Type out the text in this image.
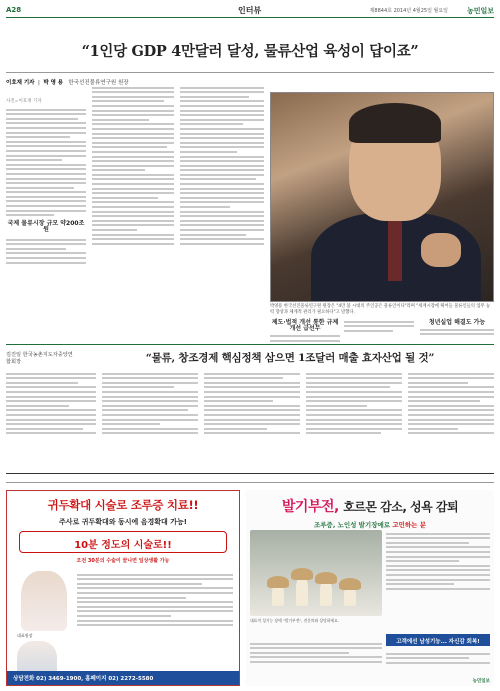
A28	인터뷰	제8844호 2014년 4월25일 월요일	농민일보
“1인당 GDP 4만달러 달성, 물류산업 육성이 답이죠”
이호재 기자  |  박 영 용 한국선진물류연구원 원장
사진=이호재 기자
국제 물류시장 규모 약200조원
박영용 한국선진물류연구원 원장은 "4만 불 시대의 주인공은 물류인이다"라며 "세계시장에 뛰어들 물류인들의 업무 능력 향상과 체계적 관리가 필요하다"고 말했다.
제도·법적 개선 통한 규제 개선 급선무
청년실업 해결도 가능
김진일 한국농촌지도자중앙연합회장	“물류, 창조경제 핵심정책 삼으면 1조달러 매출 효자산업 될 것”
귀두확대 시술로 조루증 치료!!
주사로 귀두확대와 동시에 음경확대 가능!
10분 정도의 시술로!!
오전 30분의 수술이 끝나면 일상생활 가능
대표원장
상담전화 02) 3469-1900, 홈페이지 02) 2272-5580
발기부전, 호르몬 감소, 성욕 감퇴
조루증, 노인성 발기장애로 고민하는 분
대표적 성기능 장애 "발기부전", 전문의와 상담하세요.
고객에선 남성기능... 자신감 회복!
농민일보
